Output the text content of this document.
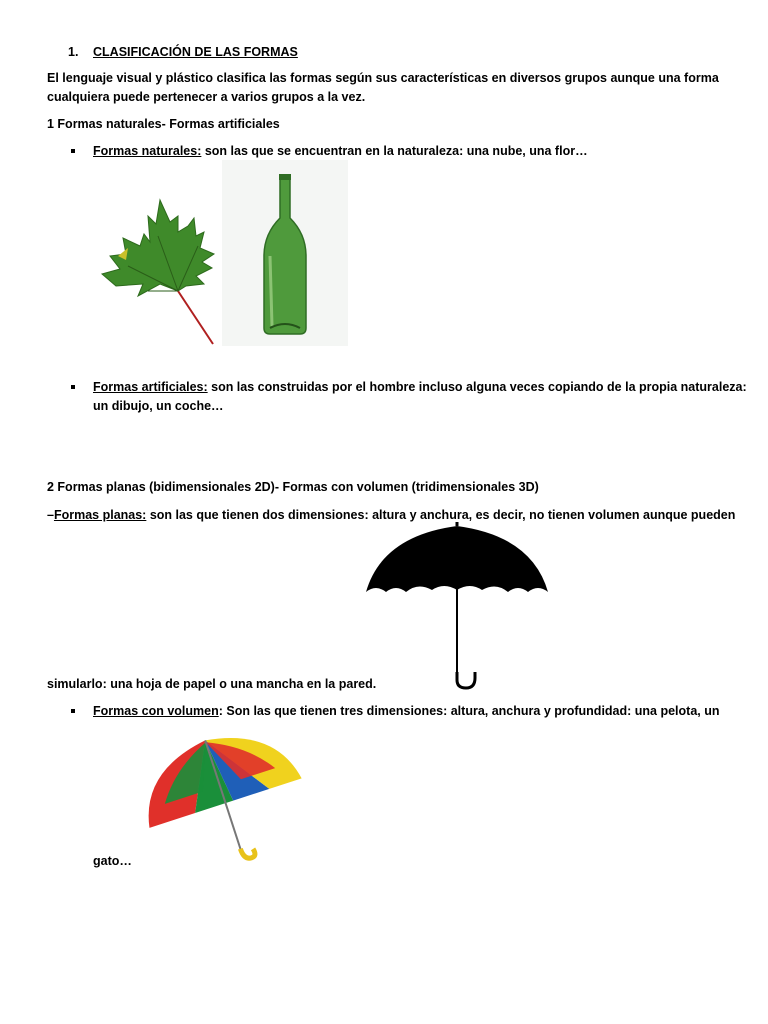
1. CLASIFICACIÓN DE LAS FORMAS
El lenguaje visual y plástico clasifica las formas según sus características en diversos grupos aunque una forma
cualquiera puede pertenecer a varios grupos a la vez.
1 Formas naturales- Formas artificiales
Formas naturales: son las que se encuentran en la naturaleza: una nube, una flor…
Formas artificiales: son las construidas por el hombre incluso alguna veces copiando de la propia naturaleza:
un dibujo, un coche…
2 Formas planas (bidimensionales 2D)- Formas con volumen (tridimensionales 3D)
–Formas planas: son las que tienen dos dimensiones: altura y anchura, es decir, no tienen volumen aunque pueden
simularlo: una hoja de papel o una mancha en la pared.
Formas con volumen: Son las que tienen tres dimensiones: altura, anchura y profundidad: una pelota, un
gato…
